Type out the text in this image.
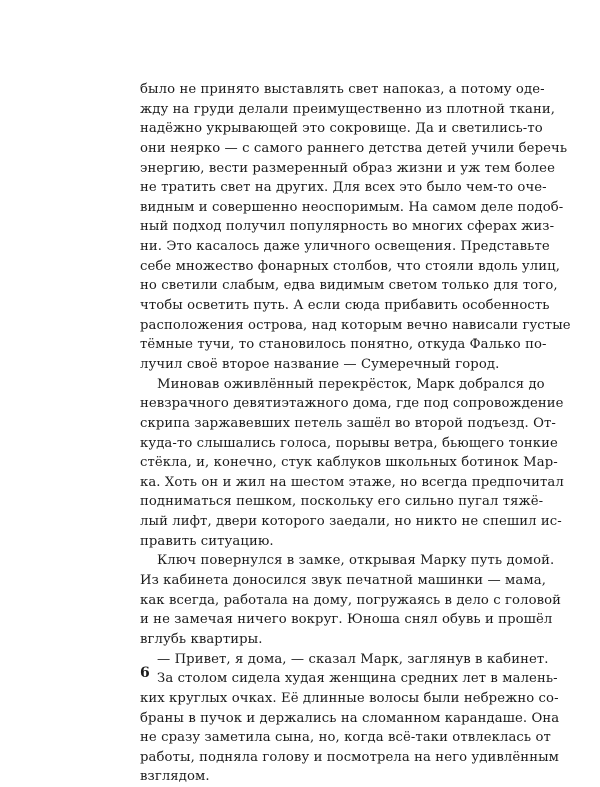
было не принято выставлять свет напоказ, а потому оде-
жду на груди делали преимущественно из плотной ткани,
надёжно укрывающей это сокровище. Да и светились-то
они неярко — с самого раннего детства детей учили беречь
энергию, вести размеренный образ жизни и уж тем более
не тратить свет на других. Для всех это было чем-то оче-
видным и совершенно неоспоримым. На самом деле подоб-
ный подход получил популярность во многих сферах жиз-
ни. Это касалось даже уличного освещения. Представьте
себе множество фонарных столбов, что стояли вдоль улиц,
но светили слабым, едва видимым светом только для того,
чтобы осветить путь. А если сюда прибавить особенность
расположения острова, над которым вечно нависали густые
тёмные тучи, то становилось понятно, откуда Фалько по-
лучил своё второе название — Сумеречный город.
Миновав оживлённый перекрёсток, Марк добрался до
невзрачного девятиэтажного дома, где под сопровождение
скрипа заржавевших петель зашёл во второй подъезд. От-
куда-то слышались голоса, порывы ветра, бьющего тонкие
стёкла, и, конечно, стук каблуков школьных ботинок Мар-
ка. Хоть он и жил на шестом этаже, но всегда предпочитал
подниматься пешком, поскольку его сильно пугал тяжё-
лый лифт, двери которого заедали, но никто не спешил ис-
править ситуацию.
Ключ повернулся в замке, открывая Марку путь домой.
Из кабинета доносился звук печатной машинки — мама,
как всегда, работала на дому, погружаясь в дело с головой
и не замечая ничего вокруг. Юноша снял обувь и прошёл
вглубь квартиры.
— Привет, я дома, — сказал Марк, заглянув в кабинет.
За столом сидела худая женщина средних лет в малень-
ких круглых очках. Её длинные волосы были небрежно со-
браны в пучок и держались на сломанном карандаше. Она
не сразу заметила сына, но, когда всё-таки отвлеклась от
работы, подняла голову и посмотрела на него удивлённым
взглядом.
6
